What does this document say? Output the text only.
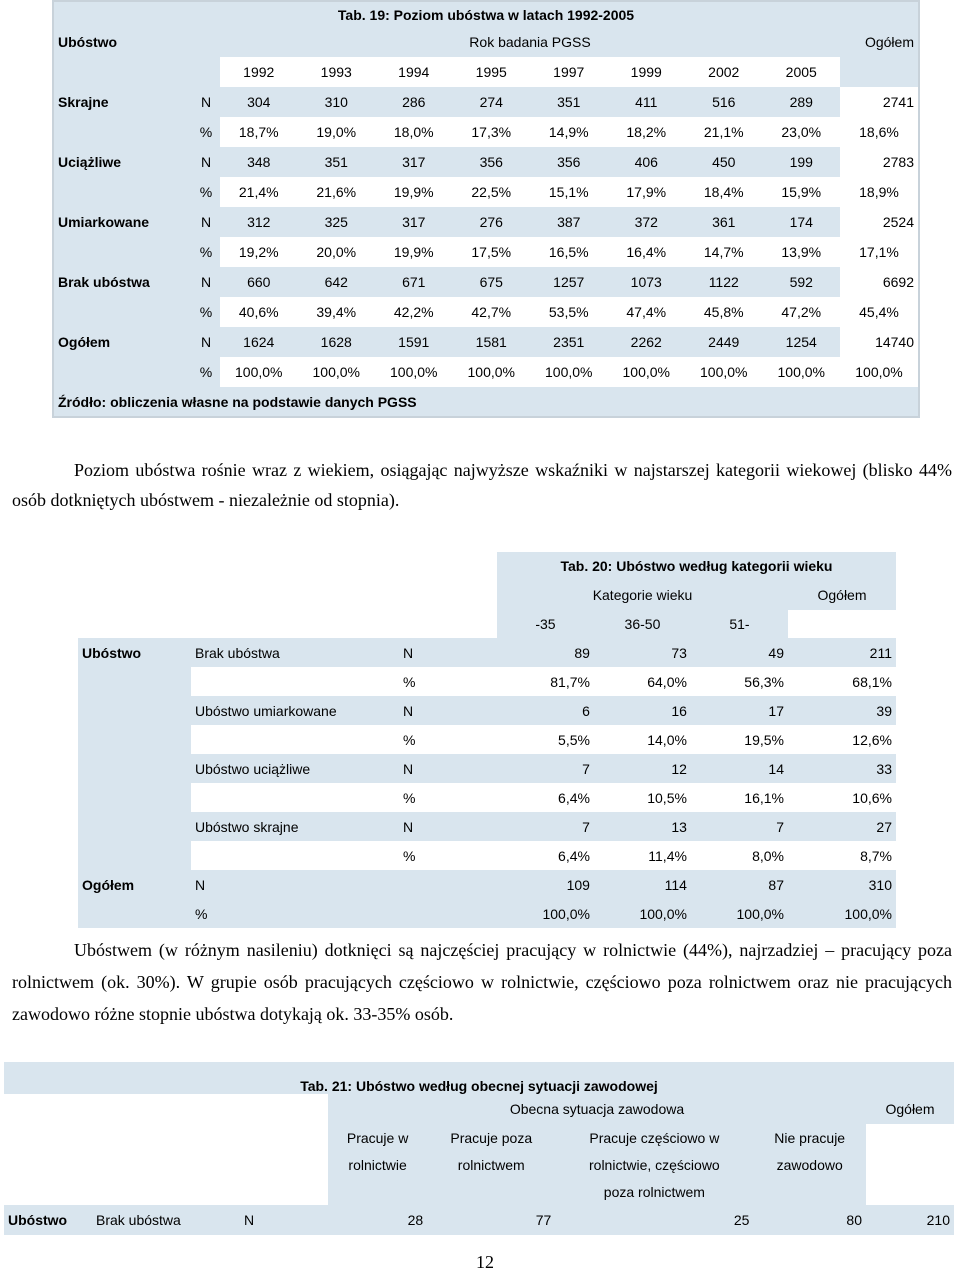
Tab. 19: Poziom ubóstwa w latach 1992-2005										
Ubóstwo		Rok badania PGSS								Ogółem
		1992	1993	1994	1995	1997	1999	2002	2005	
Skrajne	N	304	310	286	274	351	411	516	289	2741
	%	18,7%	19,0%	18,0%	17,3%	14,9%	18,2%	21,1%	23,0%	18,6%
Uciążliwe	N	348	351	317	356	356	406	450	199	2783
	%	21,4%	21,6%	19,9%	22,5%	15,1%	17,9%	18,4%	15,9%	18,9%
Umiarkowane	N	312	325	317	276	387	372	361	174	2524
	%	19,2%	20,0%	19,9%	17,5%	16,5%	16,4%	14,7%	13,9%	17,1%
Brak ubóstwa	N	660	642	671	675	1257	1073	1122	592	6692
	%	40,6%	39,4%	42,2%	42,7%	53,5%	47,4%	45,8%	47,2%	45,4%
Ogółem	N	1624	1628	1591	1581	2351	2262	2449	1254	14740
	%	100,0%	100,0%	100,0%	100,0%	100,0%	100,0%	100,0%	100,0%	100,0%
Źródło: obliczenia własne na podstawie danych PGSS										
Poziom ubóstwa rośnie wraz z wiekiem, osiągając najwyższe wskaźniki w najstarszej kategorii wiekowej (blisko 44% osób dotkniętych ubóstwem - niezależnie od stopnia).
			Tab. 20: Ubóstwo według kategorii wieku			
			Kategorie wieku			Ogółem
			-35	36-50	51-	
Ubóstwo	Brak ubóstwa	N	89	73	49	211
		%	81,7%	64,0%	56,3%	68,1%
	Ubóstwo umiarkowane	N	6	16	17	39
		%	5,5%	14,0%	19,5%	12,6%
	Ubóstwo uciążliwe	N	7	12	14	33
		%	6,4%	10,5%	16,1%	10,6%
	Ubóstwo skrajne	N	7	13	7	27
		%	6,4%	11,4%	8,0%	8,7%
Ogółem	N		109	114	87	310
	%		100,0%	100,0%	100,0%	100,0%
Ubóstwem (w różnym nasileniu) dotknięci są najczęściej pracujący w rolnictwie (44%), najrzadziej – pracujący poza rolnictwem (ok. 30%). W grupie osób pracujących częściowo w rolnictwie, częściowo poza rolnictwem oraz nie pracujących zawodowo różne stopnie ubóstwa dotykają ok. 33-35% osób.
Tab. 21: Ubóstwo według obecnej sytuacji zawodowej							
			Obecna sytuacja zawodowa				Ogółem
			Pracuje w	Pracuje poza	Pracuje częściowo w	Nie pracuje	
			rolnictwie	rolnictwem	rolnictwie, częściowo	zawodowo	
					poza rolnictwem		
Ubóstwo	Brak ubóstwa	N	28	77	25	80	210
12
